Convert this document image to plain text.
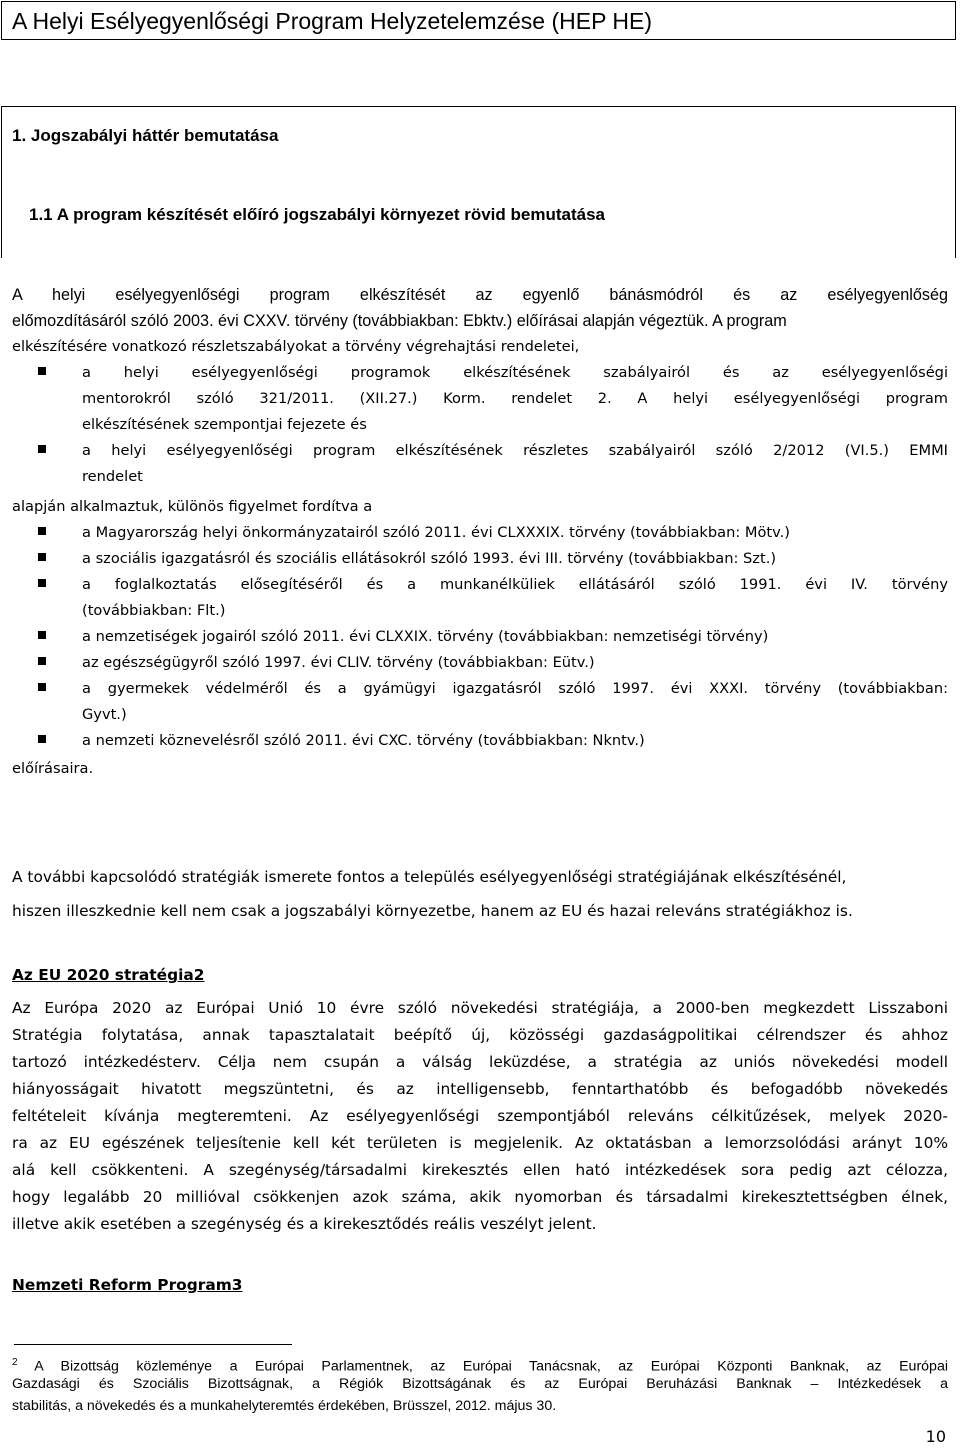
A Helyi Esélyegyenlőségi Program Helyzetelemzése (HEP HE)
1. Jogszabályi háttér bemutatása
1.1 A program készítését előíró jogszabályi környezet rövid bemutatása
A helyi esélyegyenlőségi program elkészítését az egyenlő bánásmódról és az esélyegyenlőség
előmozdításáról szóló 2003. évi CXXV. törvény (továbbiakban: Ebktv.) előírásai alapján végeztük. A program
elkészítésére vonatkozó részletszabályokat a törvény végrehajtási rendeletei,
a helyi esélyegyenlőségi programok elkészítésének szabályairól és az esélyegyenlőségi
mentorokról szóló 321/2011. (XII.27.) Korm. rendelet 2. A helyi esélyegyenlőségi program
elkészítésének szempontjai fejezete és
a helyi esélyegyenlőségi program elkészítésének részletes szabályairól szóló 2/2012 (VI.5.) EMMI
rendelet
alapján alkalmaztuk, különös figyelmet fordítva a
a Magyarország helyi önkormányzatairól szóló 2011. évi CLXXXIX. törvény (továbbiakban: Mötv.)
a szociális igazgatásról és szociális ellátásokról szóló 1993. évi III. törvény (továbbiakban: Szt.)
a foglalkoztatás elősegítéséről és a munkanélküliek ellátásáról szóló 1991. évi IV. törvény
(továbbiakban: Flt.)
a nemzetiségek jogairól szóló 2011. évi CLXXIX. törvény (továbbiakban: nemzetiségi törvény)
az egészségügyről szóló 1997. évi CLIV. törvény (továbbiakban: Eütv.)
a gyermekek védelméről és a gyámügyi igazgatásról szóló 1997. évi XXXI. törvény (továbbiakban:
Gyvt.)
a nemzeti köznevelésről szóló 2011. évi CXC. törvény (továbbiakban: Nkntv.)
előírásaira.
A további kapcsolódó stratégiák ismerete fontos a település esélyegyenlőségi stratégiájának elkészítésénél,
hiszen illeszkednie kell nem csak a jogszabályi környezetbe, hanem az EU és hazai releváns stratégiákhoz is.
Az EU 2020 stratégia2
Az Európa 2020 az Európai Unió 10 évre szóló növekedési stratégiája, a 2000-ben megkezdett Lisszaboni
Stratégia folytatása, annak tapasztalatait beépítő új, közösségi gazdaságpolitikai célrendszer és ahhoz
tartozó intézkedésterv. Célja nem csupán a válság leküzdése, a stratégia az uniós növekedési modell
hiányosságait hivatott megszüntetni, és az intelligensebb, fenntarthatóbb és befogadóbb növekedés
feltételeit kívánja megteremteni. Az esélyegyenlőségi szempontjából releváns célkitűzések, melyek 2020-
ra az EU egészének teljesítenie kell két területen is megjelenik. Az oktatásban a lemorzsolódási arányt 10%
alá kell csökkenteni. A szegénység/társadalmi kirekesztés ellen ható intézkedések sora pedig azt célozza,
hogy legalább 20 millióval csökkenjen azok száma, akik nyomorban és társadalmi kirekesztettségben élnek,
illetve akik esetében a szegénység és a kirekesztődés reális veszélyt jelent.
Nemzeti Reform Program3
$^2$ A Bizottság közleménye a Európai Parlamentnek, az Európai Tanácsnak, az Európai Központi Banknak, az Európai
Gazdasági és Szociális Bizottságnak, a Régiók Bizottságának és az Európai Beruházási Banknak – Intézkedések a
stabilitás, a növekedés és a munkahelyteremtés érdekében, Brüsszel, 2012. május 30.
10
